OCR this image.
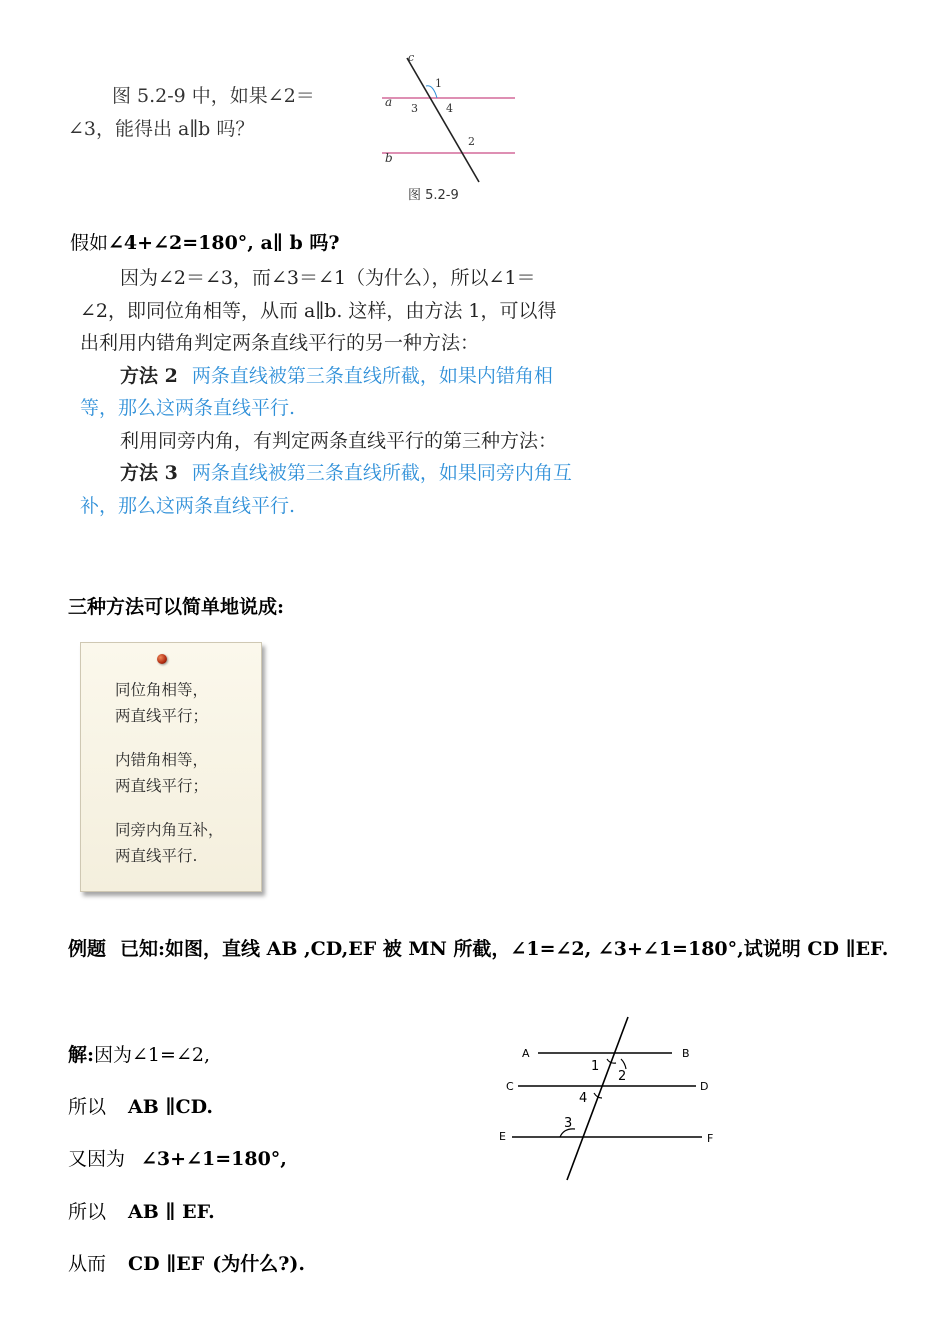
图 5.2-9 中，如果∠2＝

∠3，能得出 a∥b 吗？

c
a
b
1
3	4
2
图 5.2-9
假如∠4+∠2=180°, a∥ b 吗?

因为∠2＝∠3，而∠3＝∠1（为什么），所以∠1＝∠2，即同位角相等，从而 a∥b. 这样，由方法 1，可以得出利用内错角判定两条直线平行的另一种方法：

方法 2 两条直线被第三条直线所截，如果内错角相等，那么这两条直线平行.

利用同旁内角，有判定两条直线平行的第三种方法：

方法 3 两条直线被第三条直线所截，如果同旁内角互补，那么这两条直线平行.

三种方法可以简单地说成:
同位角相等，
两直线平行；
内错角相等，
两直线平行；
同旁内角互补，
两直线平行.
例题 已知:如图，直线 AB ,CD,EF 被 MN 所截，∠1=∠2, ∠3+∠1=180°,试说明 CD ∥EF.
解:因为∠1=∠2,
所以 AB ∥CD.
又因为 ∠3+∠1=180°,
所以 AB ∥ EF.
从而 CD ∥EF (为什么?).
A	B
C	D
E	F
1
2
4
3
